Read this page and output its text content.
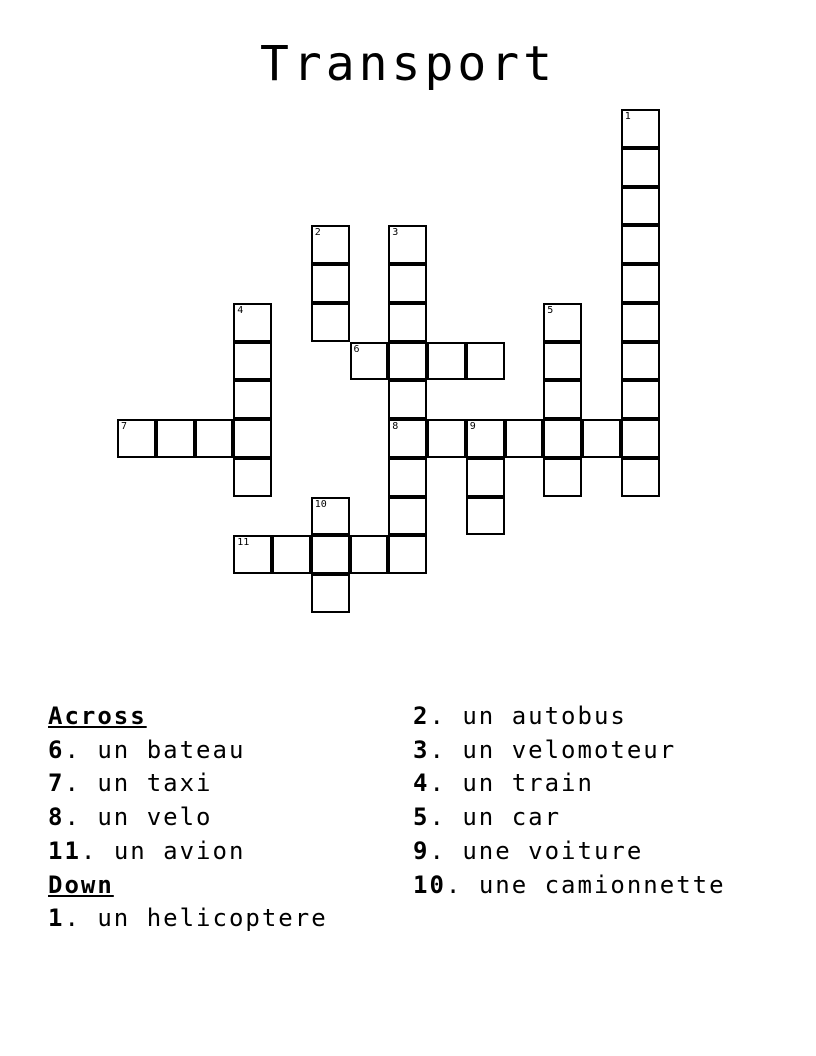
Transport
1
2	3
8
4	5
6
7	9
10
11
Across
6. un bateau
7. un taxi
8. un velo
11. un avion
Down
1. un helicoptere
2. un autobus
3. un velomoteur
4. un train
5. un car
9. une voiture
10. une camionnette
